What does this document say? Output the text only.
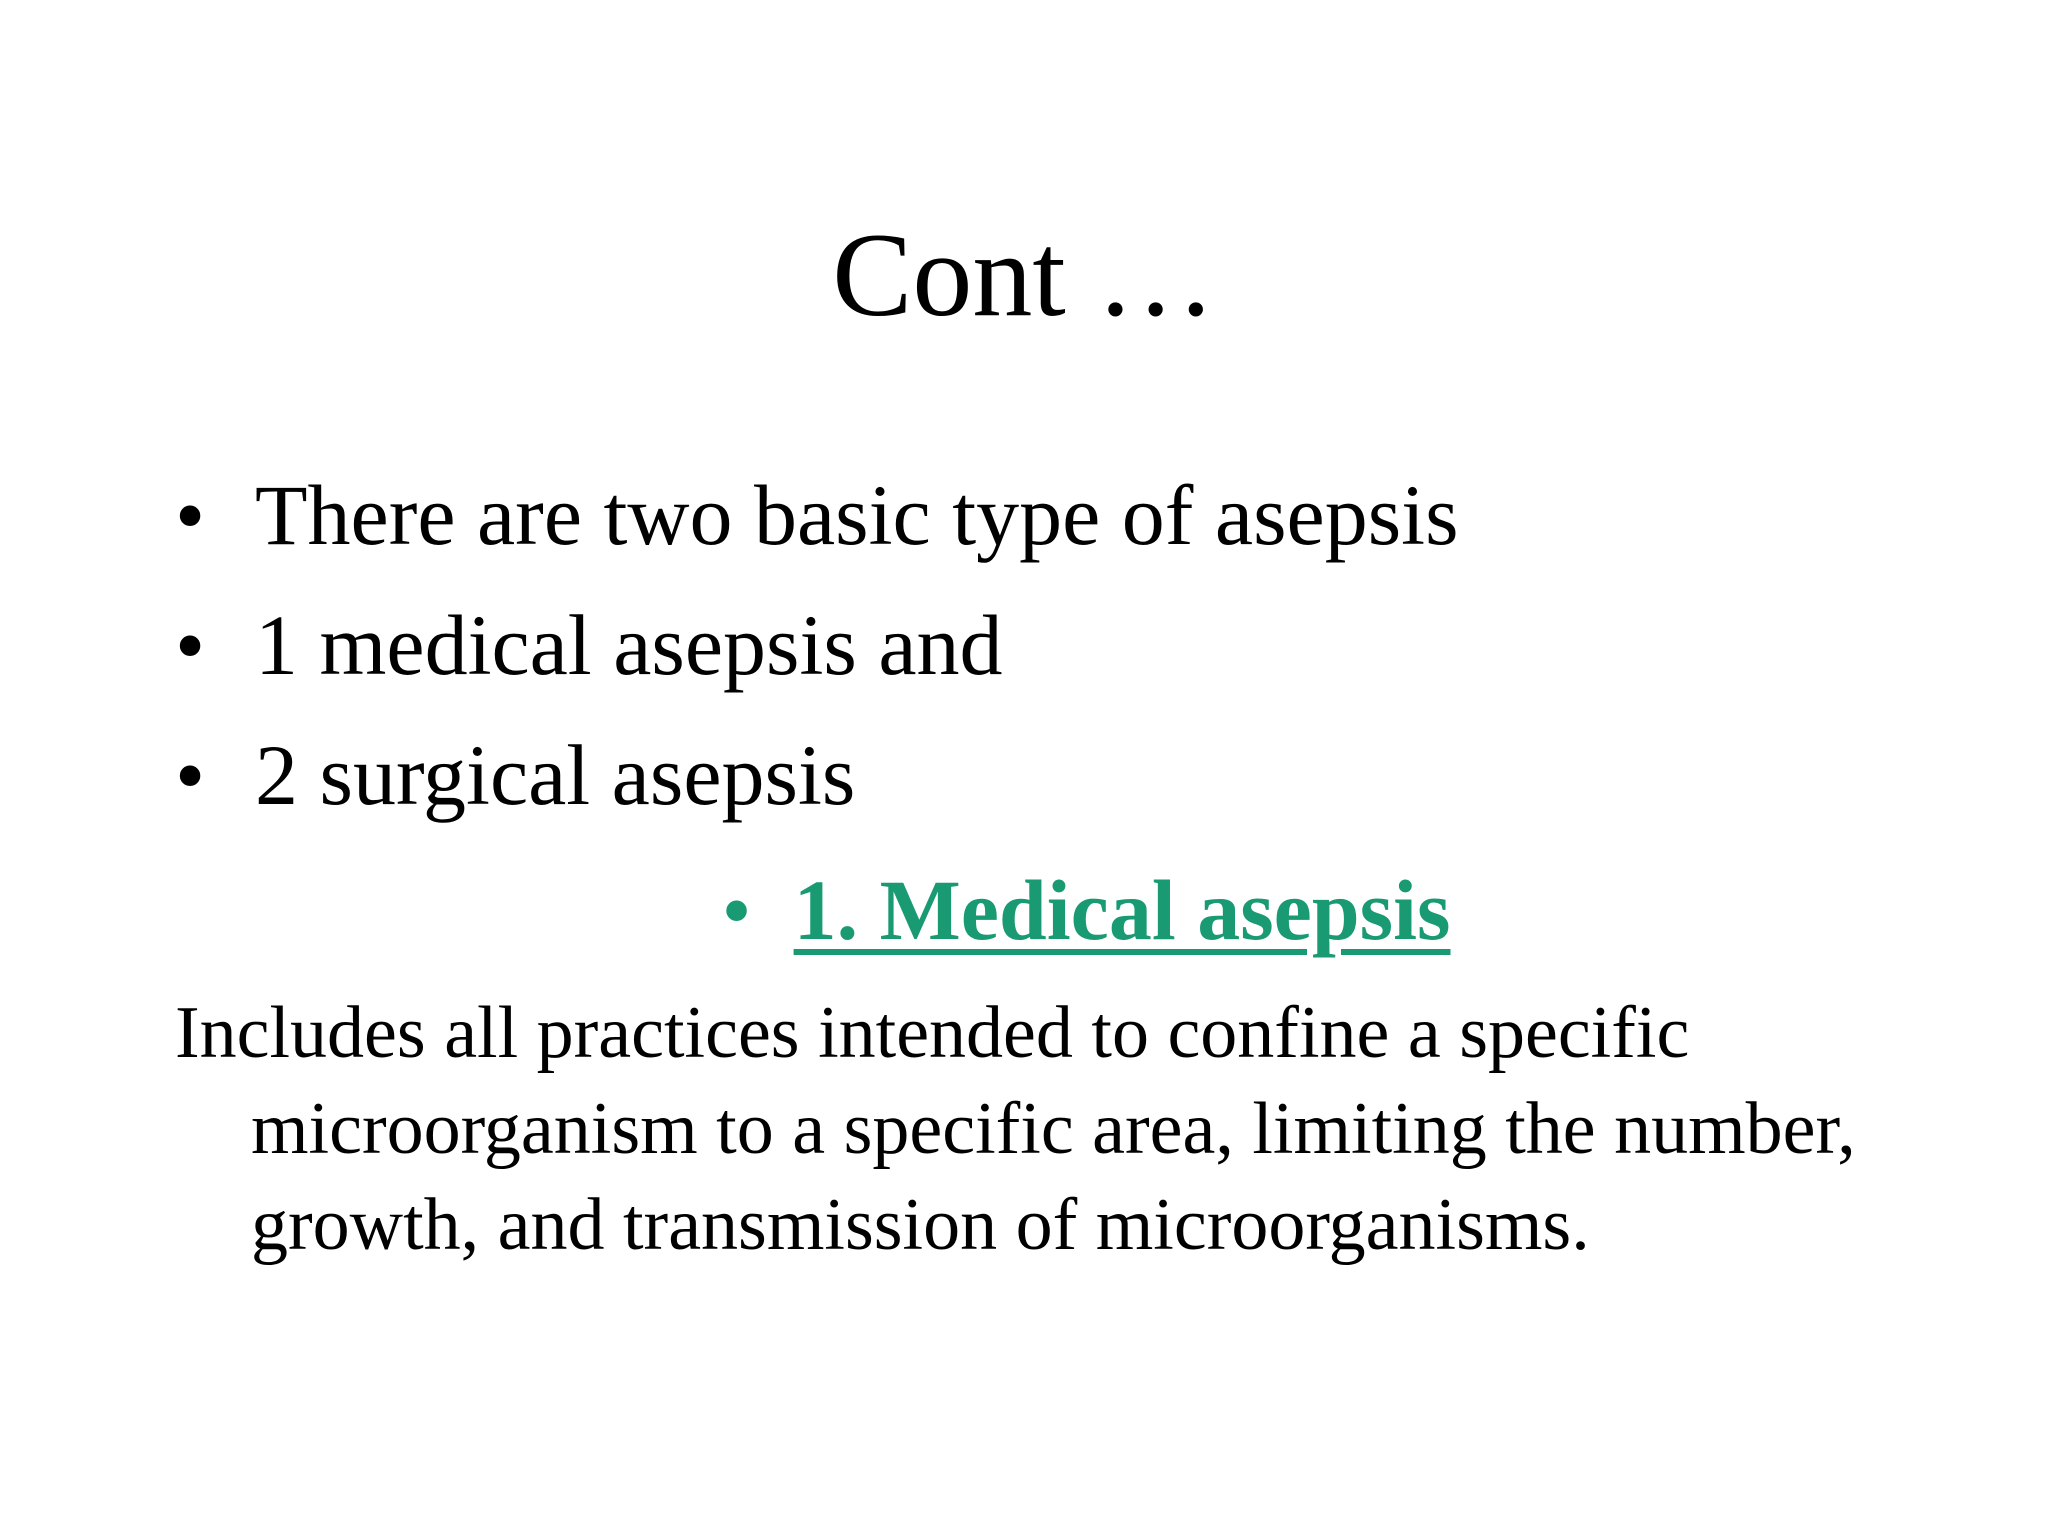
Cont …
• There are two basic type of asepsis
• 1 medical asepsis and
• 2 surgical asepsis
• 1. Medical asepsis

Includes all practices intended to confine a specific microorganism to a specific area, limiting the number, growth, and transmission of microorganisms.
